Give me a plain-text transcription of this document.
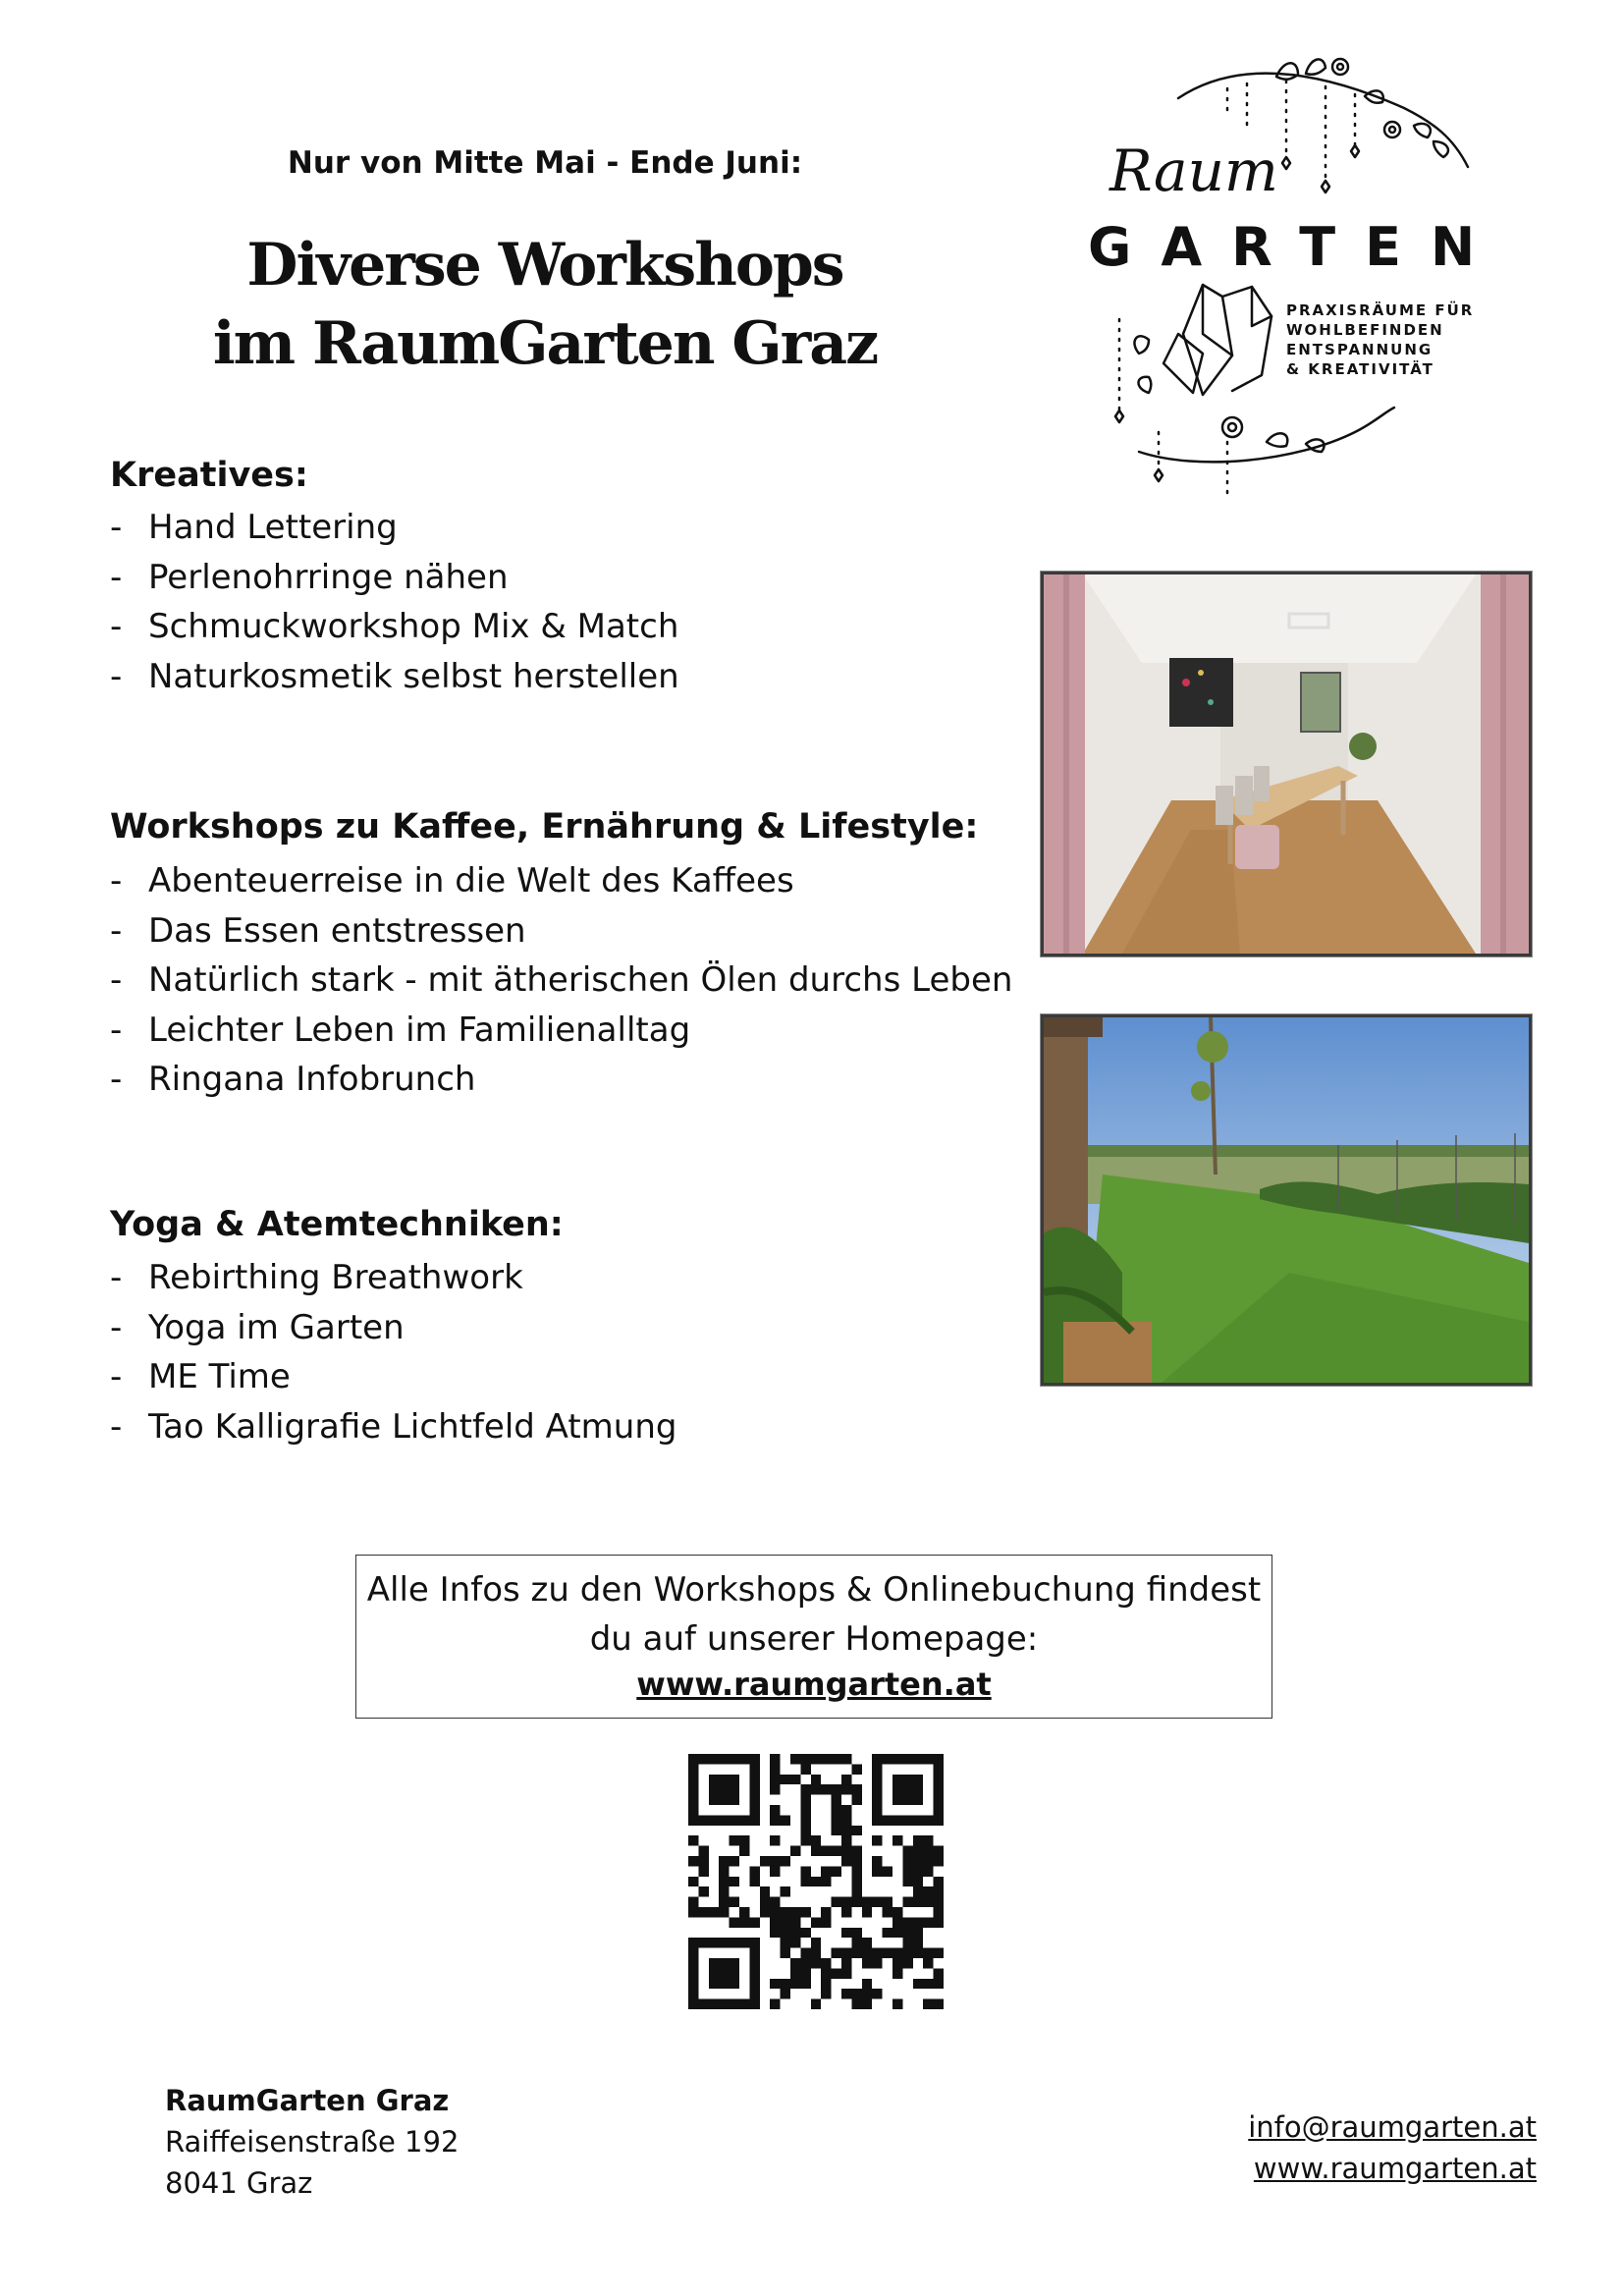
Nur von Mitte Mai - Ende Juni:
Diverse Workshops
im RaumGarten Graz
Raum
GARTEN
PRAXISRÄUME FÜR
WOHLBEFINDEN
ENTSPANNUNG
& KREATIVITÄT
Kreatives:
- Hand Lettering
- Perlenohrringe nähen
- Schmuckworkshop Mix & Match
- Naturkosmetik selbst herstellen
Workshops zu Kaffee, Ernährung & Lifestyle:
- Abenteuerreise in die Welt des Kaffees
- Das Essen entstressen
- Natürlich stark - mit ätherischen Ölen durchs Leben
- Leichter Leben im Familienalltag
- Ringana Infobrunch
Yoga & Atemtechniken:
- Rebirthing Breathwork
- Yoga im Garten
- ME Time
- Tao Kalligrafie Lichtfeld Atmung
Alle Infos zu den Workshops & Onlinebuchung findest
du auf unserer Homepage:
www.raumgarten.at
RaumGarten Graz
Raiffeisenstraße 192
8041 Graz
info@raumgarten.at
www.raumgarten.at
